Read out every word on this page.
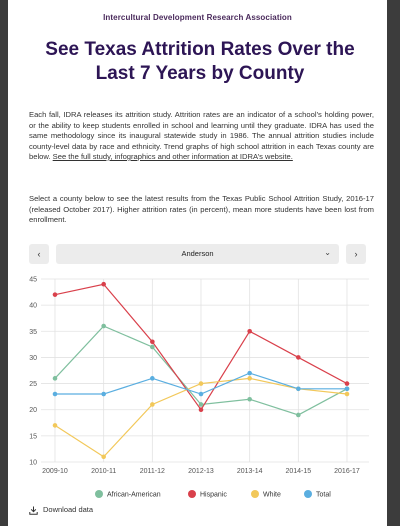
Intercultural Development Research Association
See Texas Attrition Rates Over the
Last 7 Years by County
Each fall, IDRA releases its attrition study. Attrition rates are an indicator of a school’s holding power, or the ability to keep students enrolled in school and learning until they graduate. IDRA has used the same methodology since its inaugural statewide study in 1986. The annual attrition studies include county-level data by race and ethnicity. Trend graphs of high school attrition in each Texas county are below. See the full study, infographics and other information at IDRA’s website.
Select a county below to see the latest results from the Texas Public School Attrition Study, 2016-17 (released October 2017). Higher attrition rates (in percent), mean more students have been lost from enrollment.
‹	Anderson	⌄	›
10
15
20
25
30
35
40
45
2009-10	2010-11	2011-12	2012-13	2013-14	2014-15	2016-17
African-American	Hispanic	White	Total
Download data
